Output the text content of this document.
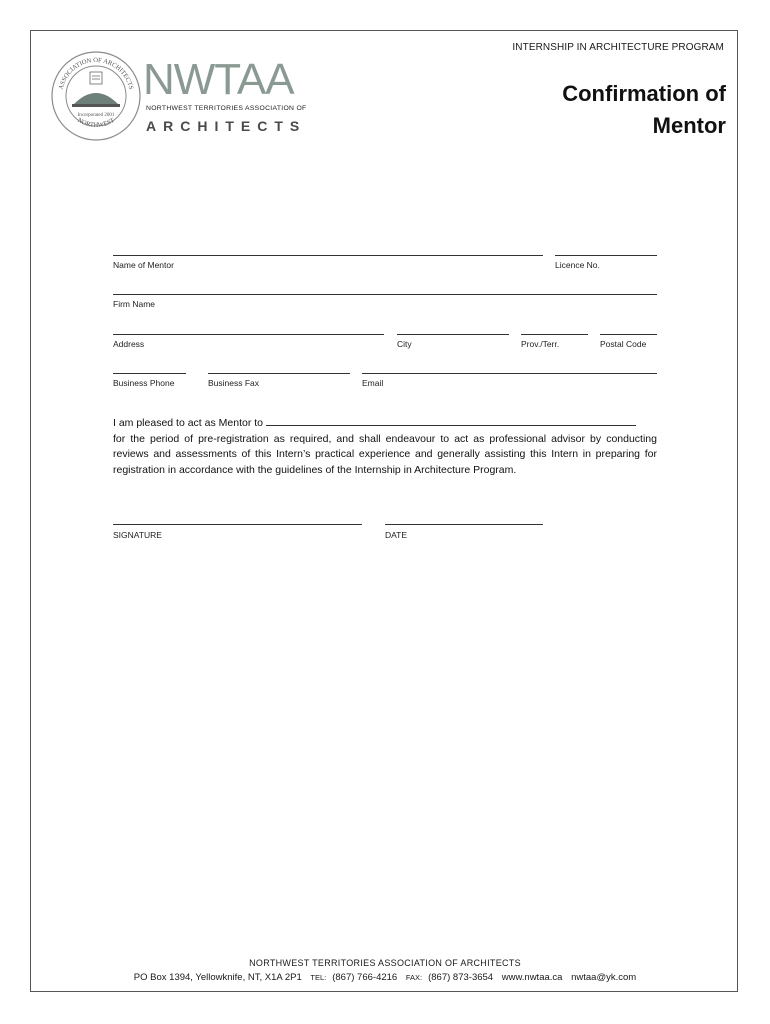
ASSOCIATION OF ARCHITECTS
NORTHWEST
Incorporated 2001
NWTAA
NORTHWEST TERRITORIES ASSOCIATION OF
ARCHITECTS
INTERNSHIP IN ARCHITECTURE PROGRAM
Confirmation of
Mentor
Name of Mentor	Licence No.
Firm Name
Address	City	Prov./Terr.	Postal Code
Business Phone	Business Fax	Email

I am pleased to act as Mentor to

for the period of pre-registration as required, and shall endeavour to act as professional advisor by conducting reviews and assessments of this Intern’s practical experience and generally assisting this Intern in preparing for registration in accordance with the guidelines of the Internship in Architecture Program.

SIGNATURE	DATE
NORTHWEST TERRITORIES ASSOCIATION OF ARCHITECTS
PO Box 1394, Yellowknife, NT, X1A 2P1 TEL: (867) 766-4216 FAX: (867) 873-3654 www.nwtaa.ca nwtaa@yk.com
